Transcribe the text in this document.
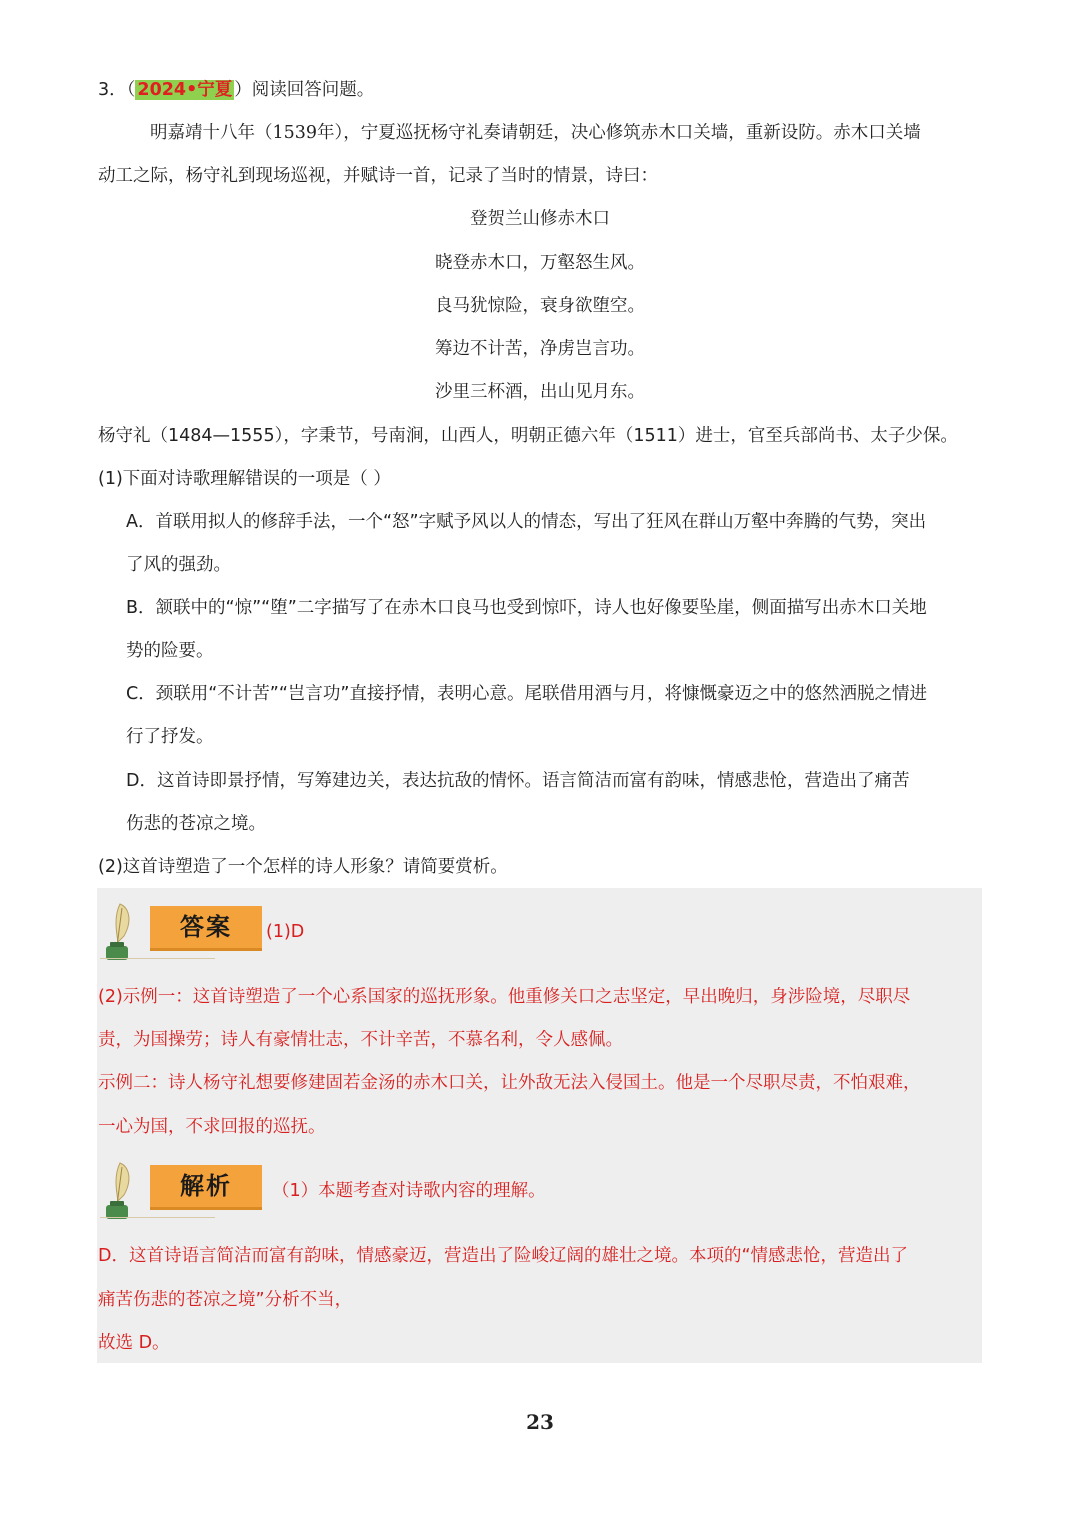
3．（ 2024•宁夏 ）阅读回答问题。
明嘉靖十八年（1539年），宁夏巡抚杨守礼奏请朝廷，决心修筑赤木口关墙，重新设防。赤木口关墙
动工之际，杨守礼到现场巡视，并赋诗一首，记录了当时的情景，诗曰：
登贺兰山修赤木口
晓登赤木口，万壑怒生风。
良马犹惊险，衰身欲堕空。
筹边不计苦，净虏岂言功。
沙里三杯酒，出山见月东。
杨守礼（1484—1555），字秉节，号南涧，山西人，明朝正德六年（1511）进士，官至兵部尚书、太子少保。
(1)下面对诗歌理解错误的一项是（ ）
A．首联用拟人的修辞手法，一个“怒”字赋予风以人的情态，写出了狂风在群山万壑中奔腾的气势，突出
了风的强劲。
B．颔联中的“惊”“堕”二字描写了在赤木口良马也受到惊吓，诗人也好像要坠崖，侧面描写出赤木口关地
势的险要。
C．颈联用“不计苦”“岂言功”直接抒情，表明心意。尾联借用酒与月，将慷慨豪迈之中的悠然洒脱之情进
行了抒发。
D．这首诗即景抒情，写筹建边关，表达抗敌的情怀。语言简洁而富有韵味，情感悲怆，营造出了痛苦
伤悲的苍凉之境。
(2)这首诗塑造了一个怎样的诗人形象？请简要赏析。
答案	(1)D
(2)示例一：这首诗塑造了一个心系国家的巡抚形象。他重修关口之志坚定，早出晚归，身涉险境，尽职尽
责，为国操劳；诗人有豪情壮志，不计辛苦，不慕名利，令人感佩。
示例二：诗人杨守礼想要修建固若金汤的赤木口关，让外敌无法入侵国土。他是一个尽职尽责，不怕艰难，
一心为国，不求回报的巡抚。
解析	（1）本题考查对诗歌内容的理解。
D．这首诗语言简洁而富有韵味，情感豪迈，营造出了险峻辽阔的雄壮之境。本项的“情感悲怆，营造出了
痛苦伤悲的苍凉之境”分析不当，
故选 D。
23
